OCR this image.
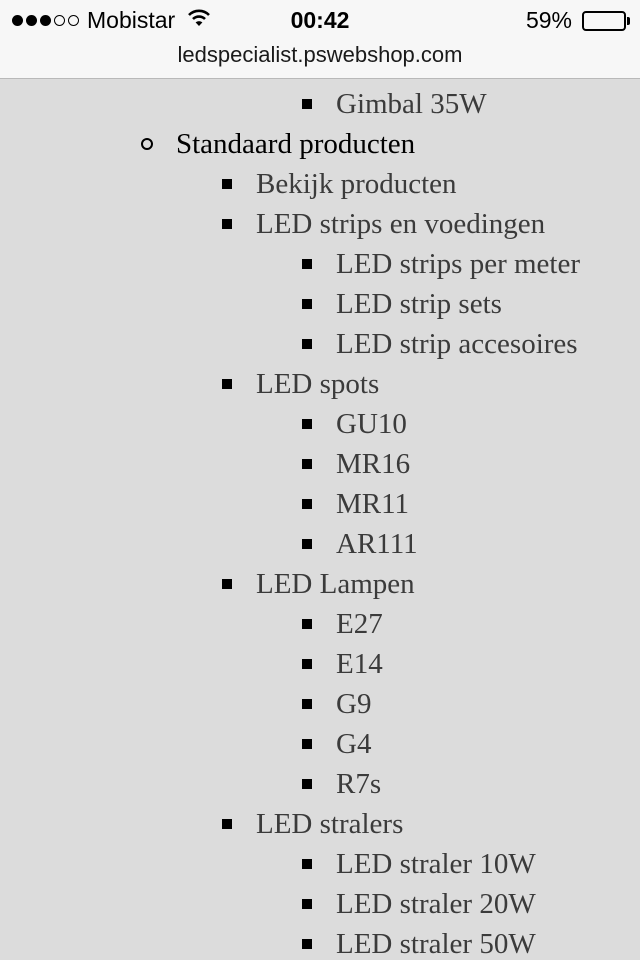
Mobistar	00:42	59%
ledspecialist.pswebshop.com
Gimbal 35W
Standaard producten
Bekijk producten
LED strips en voedingen
LED strips per meter
LED strip sets
LED strip accesoires
LED spots
GU10
MR16
MR11
AR111
LED Lampen
E27
E14
G9
G4
R7s
LED stralers
LED straler 10W
LED straler 20W
LED straler 50W
